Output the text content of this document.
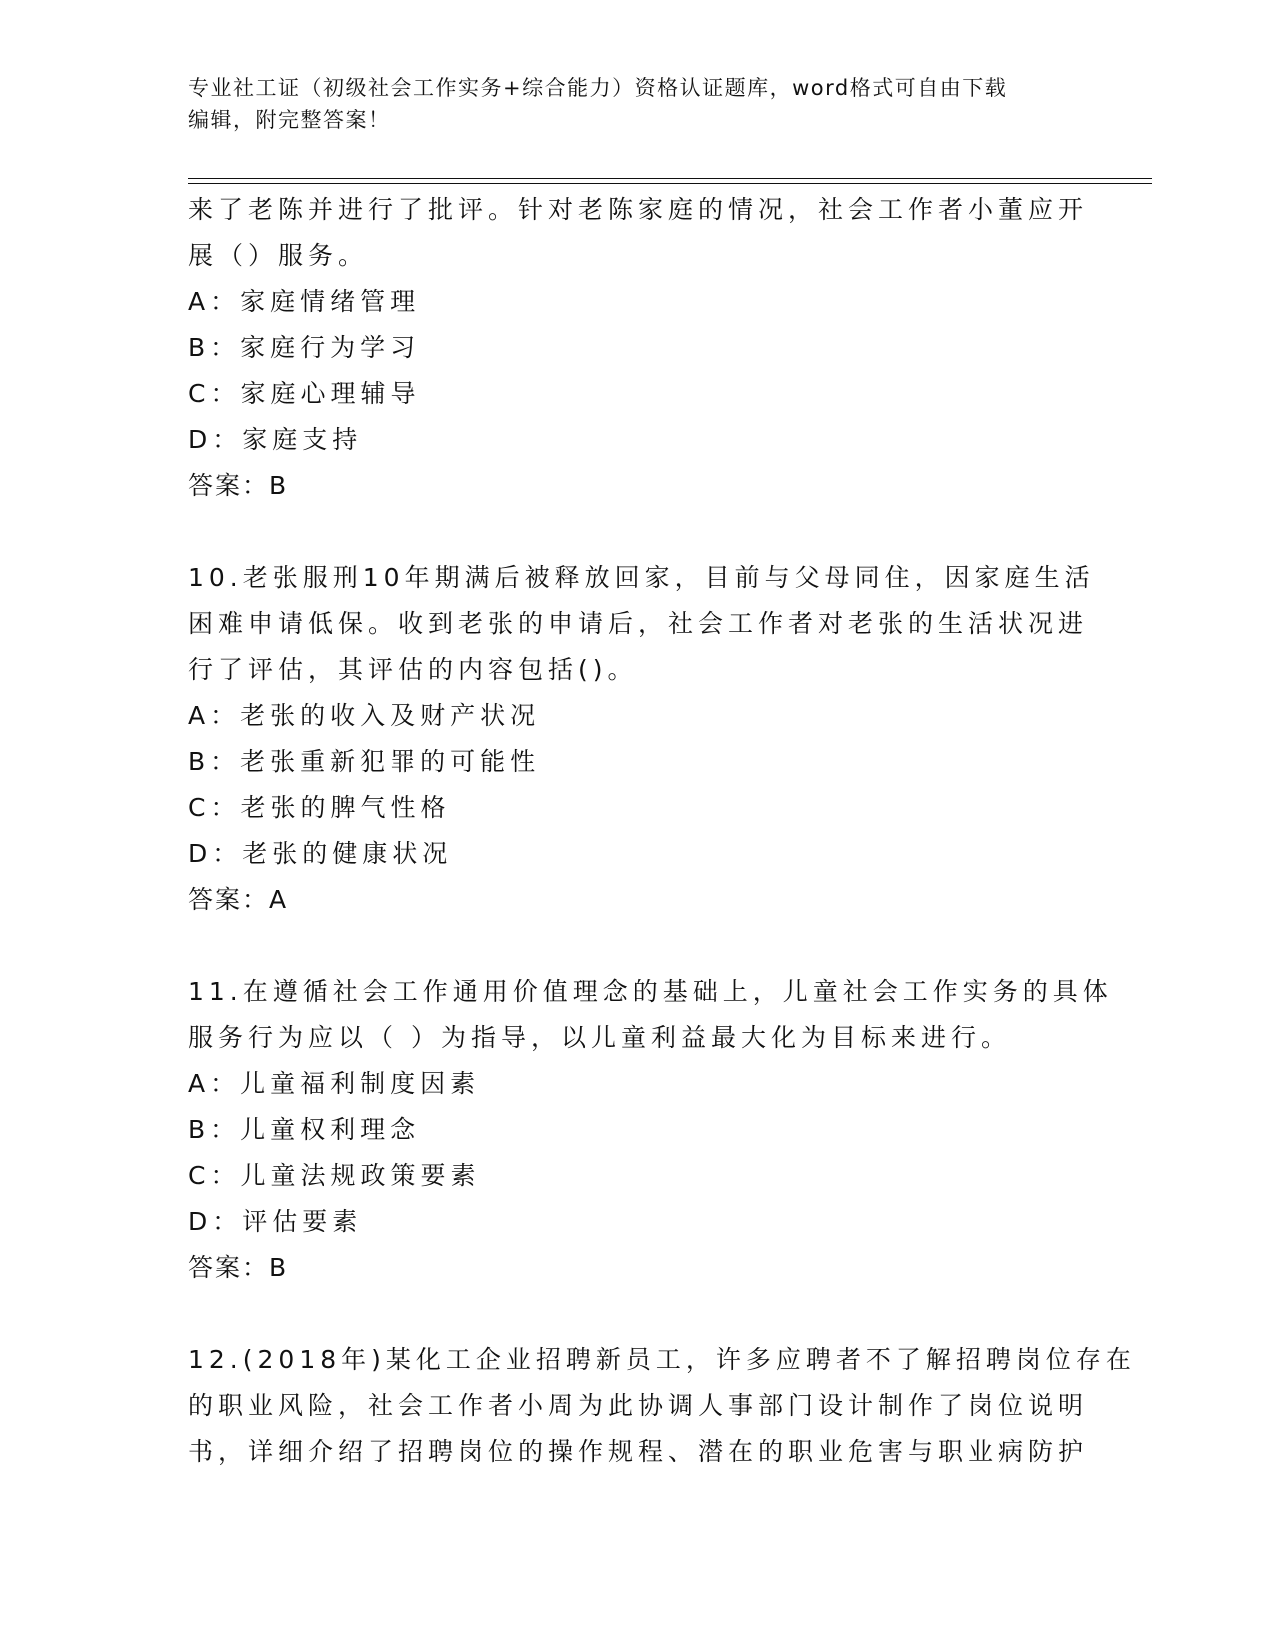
专业社工证（初级社会工作实务+综合能力）资格认证题库，word格式可自由下载
编辑，附完整答案！
来了老陈并进行了批评。针对老陈家庭的情况，社会工作者小董应开
展（）服务。
A：家庭情绪管理
B：家庭行为学习
C：家庭心理辅导
D：家庭支持
答案：B
10.老张服刑10年期满后被释放回家，目前与父母同住，因家庭生活
困难申请低保。收到老张的申请后，社会工作者对老张的生活状况进
行了评估，其评估的内容包括()。
A：老张的收入及财产状况
B：老张重新犯罪的可能性
C：老张的脾气性格
D：老张的健康状况
答案：A
11.在遵循社会工作通用价值理念的基础上，儿童社会工作实务的具体
服务行为应以（ ）为指导，以儿童利益最大化为目标来进行。
A：儿童福利制度因素
B：儿童权利理念
C：儿童法规政策要素
D：评估要素
答案：B
12.(2018年)某化工企业招聘新员工，许多应聘者不了解招聘岗位存在
的职业风险，社会工作者小周为此协调人事部门设计制作了岗位说明
书，详细介绍了招聘岗位的操作规程、潜在的职业危害与职业病防护
